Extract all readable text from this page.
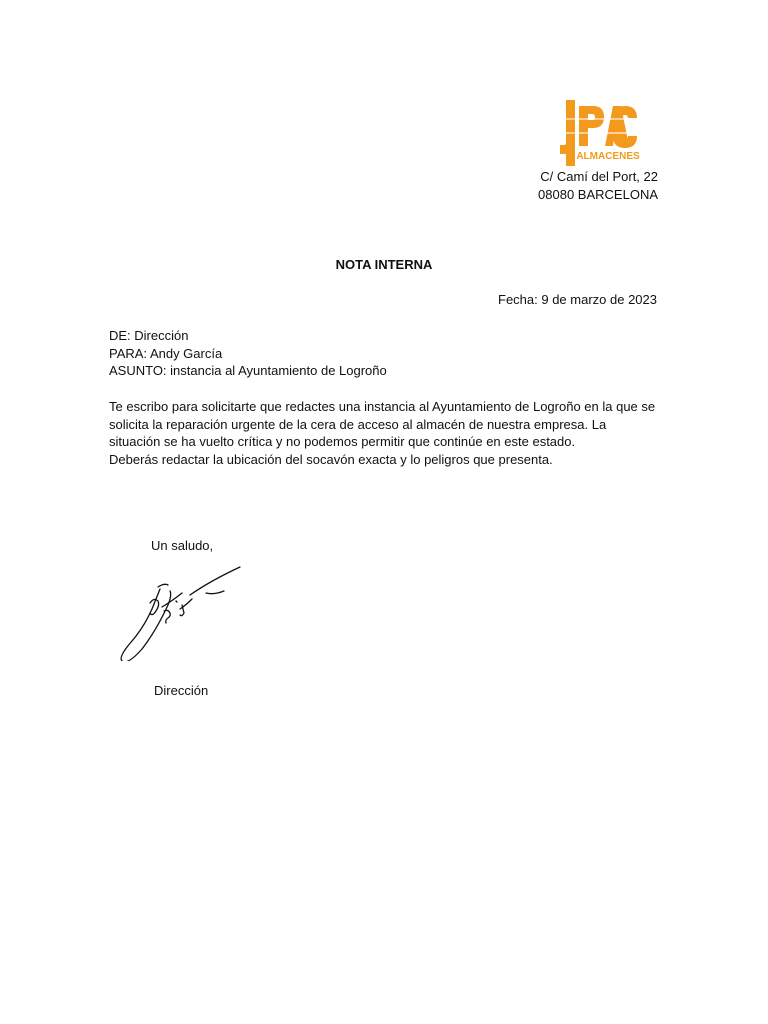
ALMACENES
C/ Camí del Port, 22
08080 BARCELONA
NOTA INTERNA
Fecha: 9 de marzo de 2023
DE: Dirección
PARA: Andy García
ASUNTO: instancia al Ayuntamiento de Logroño

Te escribo para solicitarte que redactes una instancia al Ayuntamiento de Logroño en la que se solicita la reparación urgente de la cera de acceso al almacén de nuestra empresa. La situación se ha vuelto crítica y no podemos permitir que continúe en este estado.

Deberás redactar la ubicación del socavón exacta y lo peligros que presenta.

Un saludo,
Dirección
